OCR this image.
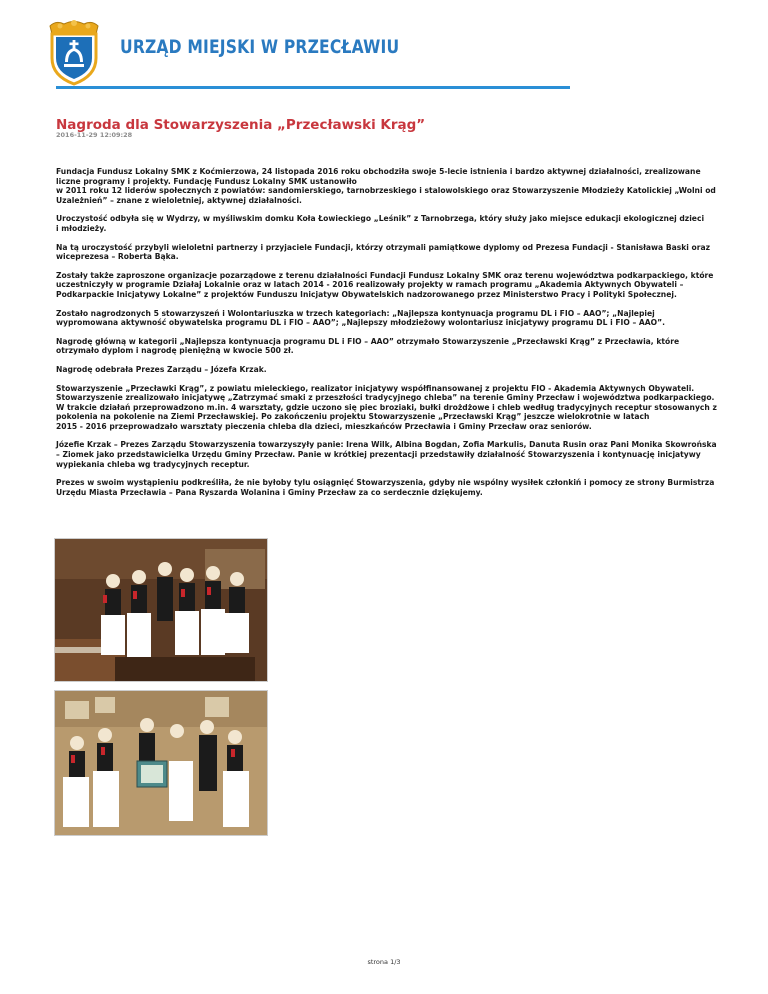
URZĄD MIEJSKI W PRZECŁAWIU
Nagroda dla Stowarzyszenia „Przecławski Krąg”
2016-11-29 12:09:28

Fundacja Fundusz Lokalny SMK z Koćmierzowa, 24 listopada 2016 roku obchodziła swoje 5-lecie istnienia i bardzo aktywnej działalności, zrealizowane liczne programy i projekty. Fundację Fundusz Lokalny SMK ustanowiło
w 2011 roku 12 liderów społecznych z powiatów: sandomierskiego, tarnobrzeskiego i stalowolskiego oraz Stowarzyszenie Młodzieży Katolickiej „Wolni od Uzależnień” – znane z wieloletniej, aktywnej działalności.

Uroczystość odbyła się w Wydrzy, w myśliwskim domku Koła Łowieckiego „Leśnik” z Tarnobrzega, który służy jako miejsce edukacji ekologicznej dzieci
i młodzieży.

Na tą uroczystość przybyli wieloletni partnerzy i przyjaciele Fundacji, którzy otrzymali pamiątkowe dyplomy od Prezesa Fundacji - Stanisława Baski oraz wiceprezesa – Roberta Bąka.

Zostały także zaproszone organizacje pozarządowe z terenu działalności Fundacji Fundusz Lokalny SMK oraz terenu województwa podkarpackiego, które uczestniczyły w programie Działaj Lokalnie oraz w latach 2014 - 2016 realizowały projekty w ramach programu „Akademia Aktywnych Obywateli – Podkarpackie Inicjatywy Lokalne” z projektów Funduszu Inicjatyw Obywatelskich nadzorowanego przez Ministerstwo Pracy i Polityki Społecznej.

Zostało nagrodzonych 5 stowarzyszeń i Wolontariuszka w trzech kategoriach: „Najlepsza kontynuacja programu DL i FIO – AAO”; „Najlepiej wypromowana aktywność obywatelska programu DL i FIO – AAO”; „Najlepszy młodzieżowy wolontariusz inicjatywy programu DL i FIO – AAO”.

Nagrodę główną w kategorii „Najlepsza kontynuacja programu DL i FIO – AAO” otrzymało Stowarzyszenie „Przecławski Krąg” z Przecławia, które otrzymało dyplom i nagrodę pieniężną w kwocie 500 zł.

Nagrodę odebrała Prezes Zarządu – Józefa Krzak.

Stowarzyszenie „Przecławki Krąg”, z powiatu mieleckiego, realizator inicjatywy współfinansowanej z projektu FIO - Akademia Aktywnych Obywateli. Stowarzyszenie zrealizowało inicjatywę „Zatrzymać smaki z przeszłości tradycyjnego chleba” na terenie Gminy Przecław i województwa podkarpackiego. W trakcie działań przeprowadzono m.in. 4 warsztaty, gdzie uczono się piec broziaki, bułki drożdżowe i chleb według tradycyjnych receptur stosowanych z pokolenia na pokolenie na Ziemi Przecławskiej. Po zakończeniu projektu Stowarzyszenie „Przecławski Krąg” jeszcze wielokrotnie w latach
2015 - 2016 przeprowadzało warsztaty pieczenia chleba dla dzieci, mieszkańców Przecławia i Gminy Przecław oraz seniorów.

Józefie Krzak – Prezes Zarządu Stowarzyszenia towarzyszyły panie: Irena Wilk, Albina Bogdan, Zofia Markulis, Danuta Rusin oraz Pani Monika Skowrońska – Ziomek jako przedstawicielka Urzędu Gminy Przecław. Panie w krótkiej prezentacji przedstawiły działalność Stowarzyszenia i kontynuację inicjatywy
wypiekania chleba wg tradycyjnych receptur.

Prezes w swoim wystąpieniu podkreśliła, że nie byłoby tylu osiągnięć Stowarzyszenia, gdyby nie wspólny wysiłek członkiń i pomocy ze strony Burmistrza Urzędu Miasta Przecławia – Pana Ryszarda Wolanina i Gminy Przecław za co serdecznie dziękujemy.

strona 1/3
